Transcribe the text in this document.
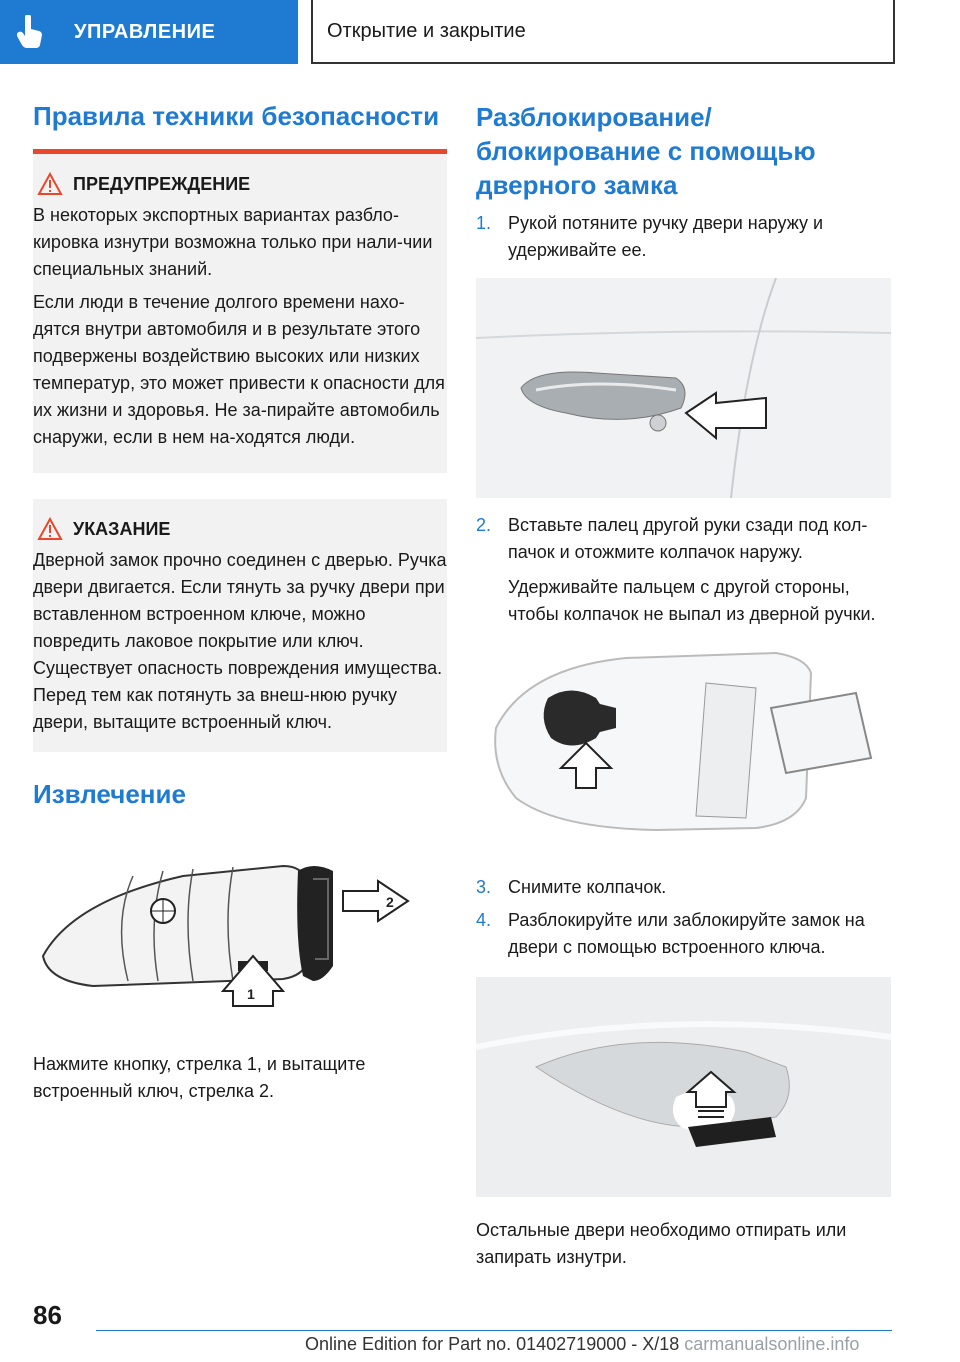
УПРАВЛЕНИЕ	Открытие и закрытие
Правила техники безопасности
ПРЕДУПРЕЖДЕНИЕ

В некоторых экспортных вариантах разбло‐кировка изнутри возможна только при нали‐чии специальных знаний.

Если люди в течение долгого времени нахо‐дятся внутри автомобиля и в результате этого подвержены воздействию высоких или низких температур, это может привести к опасности для их жизни и здоровья. Не за‐пирайте автомобиль снаружи, если в нем на‐ходятся люди.

УКАЗАНИЕ

Дверной замок прочно соединен с дверью. Ручка двери двигается. Если тянуть за ручку двери при вставленном встроенном ключе, можно повредить лаковое покрытие или ключ. Существует опасность повреждения имущества. Перед тем как потянуть за внеш‐нюю ручку двери, вытащите встроенный ключ.

Извлечение
2
1
Нажмите кнопку, стрелка 1, и вытащите встроенный ключ, стрелка 2.
Разблокирование/ блокирование с помощью дверного замка
1. Рукой потяните ручку двери наружу и удерживайте ее.
2. Вставьте палец другой руки сзади под кол‐пачок и отожмите колпачок наружу.
Удерживайте пальцем с другой стороны, чтобы колпачок не выпал из дверной ручки.
3. Снимите колпачок.
4. Разблокируйте или заблокируйте замок на двери с помощью встроенного ключа.
Остальные двери необходимо отпирать или запирать изнутри.
86
Online Edition for Part no. 01402719000 - X/18 carmanualsonline.info
